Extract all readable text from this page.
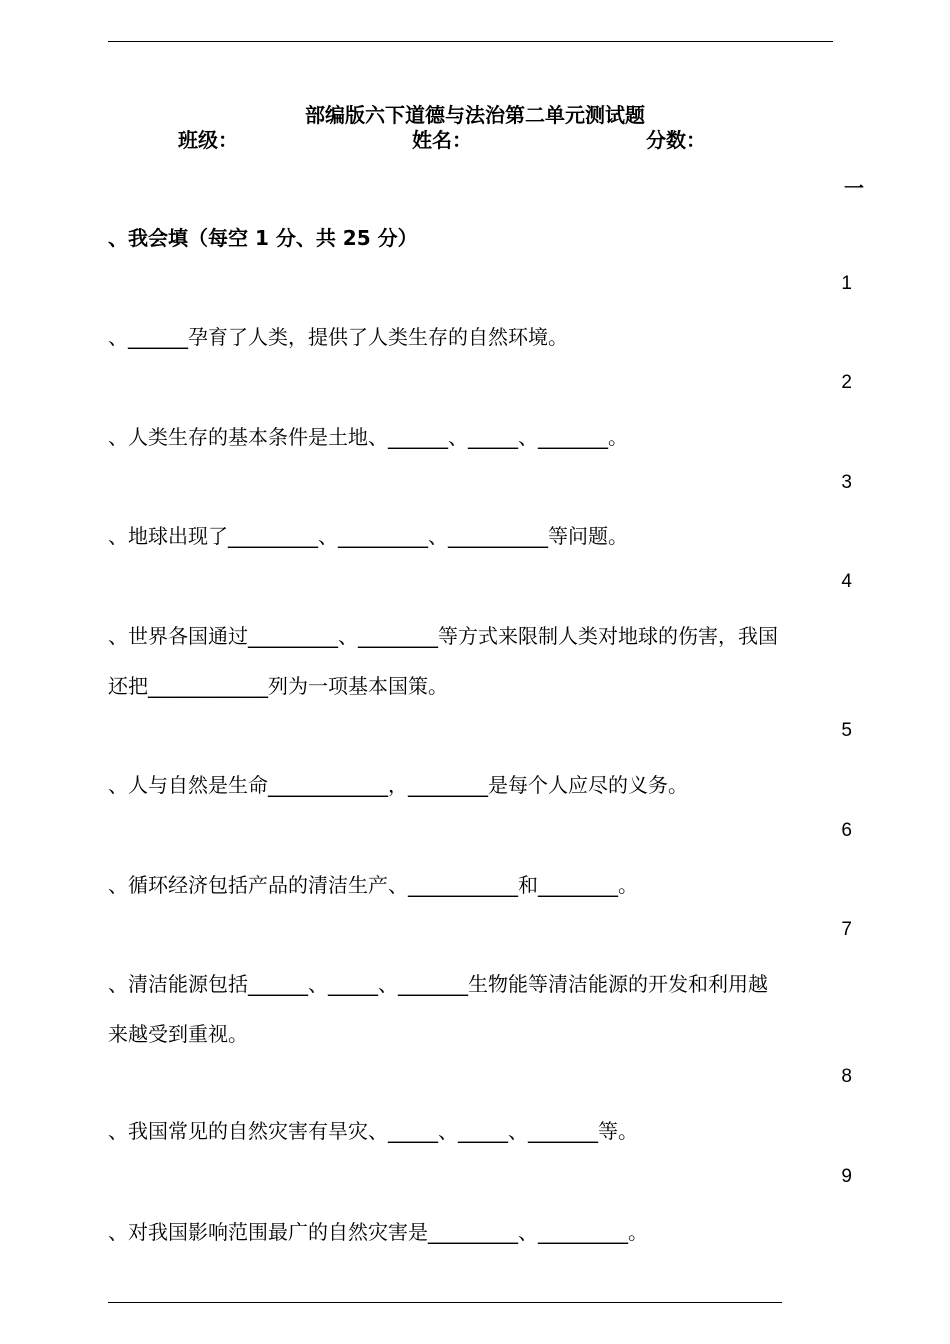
部编版六下道德与法治第二单元测试题
班级：	姓名：	分数：
一
、我会填（每空 1 分、共 25 分）
1
、______孕育了人类，提供了人类生存的自然环境。
2
、人类生存的基本条件是土地、______、_____、_______。
3
、地球出现了_________、_________、__________等问题。
4
、世界各国通过_________、________等方式来限制人类对地球的伤害，我国
还把____________列为一项基本国策。
5
、人与自然是生命____________，________是每个人应尽的义务。
6
、循环经济包括产品的清洁生产、___________和________。
7
、清洁能源包括______、_____、_______生物能等清洁能源的开发和利用越
来越受到重视。
8
、我国常见的自然灾害有旱灾、_____、_____、_______等。
9
、对我国影响范围最广的自然灾害是_________、_________。
